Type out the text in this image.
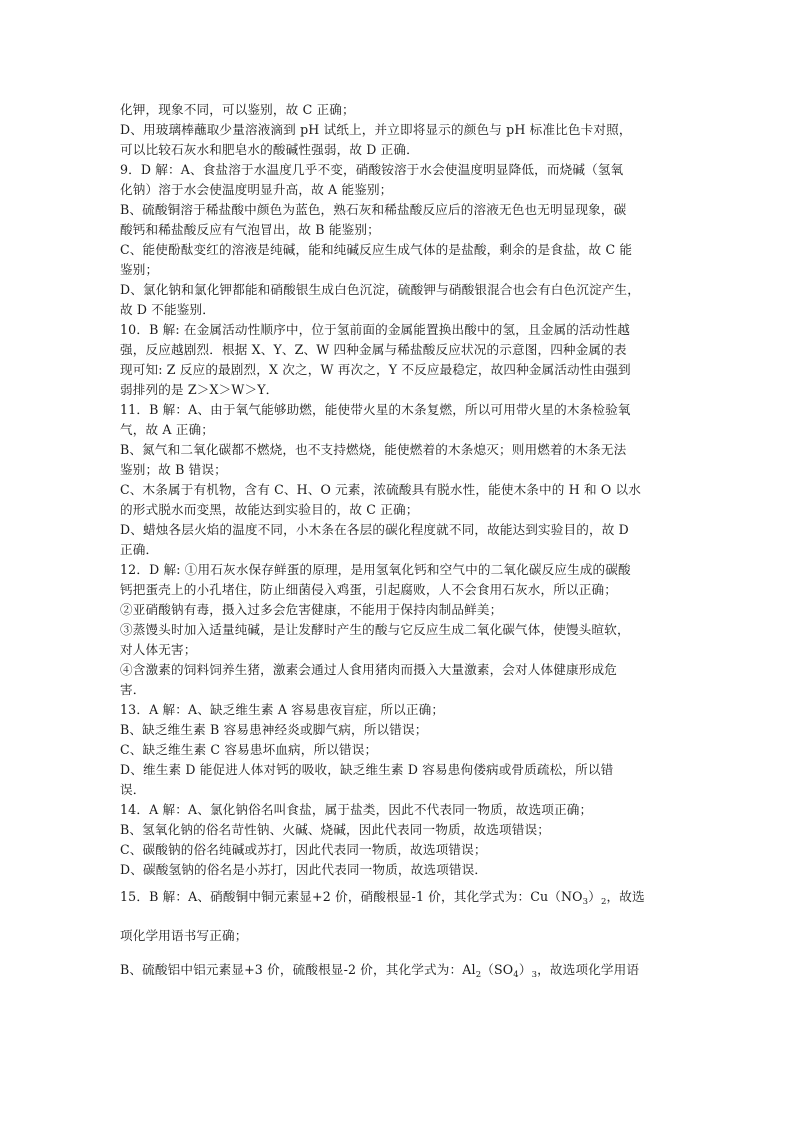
化钾，现象不同，可以鉴别，故 C 正确；

D、用玻璃棒蘸取少量溶液滴到 pH 试纸上，并立即将显示的颜色与 pH 标准比色卡对照，

可以比较石灰水和肥皂水的酸碱性强弱，故 D 正确．

9．D 解：A、食盐溶于水温度几乎不变，硝酸铵溶于水会使温度明显降低，而烧碱（氢氧

化钠）溶于水会使温度明显升高，故 A 能鉴别；

B、硫酸铜溶于稀盐酸中颜色为蓝色，熟石灰和稀盐酸反应后的溶液无色也无明显现象，碳

酸钙和稀盐酸反应有气泡冒出，故 B 能鉴别；

C、能使酚酞变红的溶液是纯碱，能和纯碱反应生成气体的是盐酸，剩余的是食盐，故 C 能

鉴别；

D、氯化钠和氯化钾都能和硝酸银生成白色沉淀，硫酸钾与硝酸银混合也会有白色沉淀产生，

故 D 不能鉴别．

10．B 解: 在金属活动性顺序中，位于氢前面的金属能置换出酸中的氢，且金属的活动性越

强，反应越剧烈．根据 X、Y、Z、W 四种金属与稀盐酸反应状况的示意图，四种金属的表

现可知: Z 反应的最剧烈，X 次之，W 再次之，Y 不反应最稳定，故四种金属活动性由强到

弱排列的是 Z＞X＞W＞Y．

11．B 解：A、由于氧气能够助燃，能使带火星的木条复燃，所以可用带火星的木条检验氧

气，故 A 正确；

B、氮气和二氧化碳都不燃烧，也不支持燃烧，能使燃着的木条熄灭；则用燃着的木条无法

鉴别；故 B 错误；

C、木条属于有机物，含有 C、H、O 元素，浓硫酸具有脱水性，能使木条中的 H 和 O 以水

的形式脱水而变黑，故能达到实验目的，故 C 正确；

D、蜡烛各层火焰的温度不同，小木条在各层的碳化程度就不同，故能达到实验目的，故 D

正确．

12．D 解: ①用石灰水保存鲜蛋的原理，是用氢氧化钙和空气中的二氧化碳反应生成的碳酸

钙把蛋壳上的小孔堵住，防止细菌侵入鸡蛋，引起腐败，人不会食用石灰水，所以正确；

②亚硝酸钠有毒，摄入过多会危害健康，不能用于保持肉制品鲜美；

③蒸馒头时加入适量纯碱，是让发酵时产生的酸与它反应生成二氧化碳气体，使馒头暄软，

对人体无害；

④含激素的饲料饲养生猪，激素会通过人食用猪肉而摄入大量激素，会对人体健康形成危

害．

13．A 解：A、缺乏维生素 A 容易患夜盲症，所以正确；

B、缺乏维生素 B 容易患神经炎或脚气病，所以错误；

C、缺乏维生素 C 容易患坏血病，所以错误；

D、维生素 D 能促进人体对钙的吸收，缺乏维生素 D 容易患佝偻病或骨质疏松，所以错

误．

14．A 解：A、氯化钠俗名叫食盐，属于盐类，因此不代表同一物质，故选项正确；

B、氢氧化钠的俗名苛性钠、火碱、烧碱，因此代表同一物质，故选项错误；

C、碳酸钠的俗名纯碱或苏打，因此代表同一物质，故选项错误；

D、碳酸氢钠的俗名是小苏打，因此代表同一物质，故选项错误．

15．B 解：A、硝酸铜中铜元素显+2 价，硝酸根显-1 价，其化学式为：$Cu(NO_3)_2$，故选

项化学用语书写正确；

B、硫酸铝中铝元素显+3 价，硫酸根显-2 价，其化学式为：$Al_2(SO_4)_3$，故选项化学用语
